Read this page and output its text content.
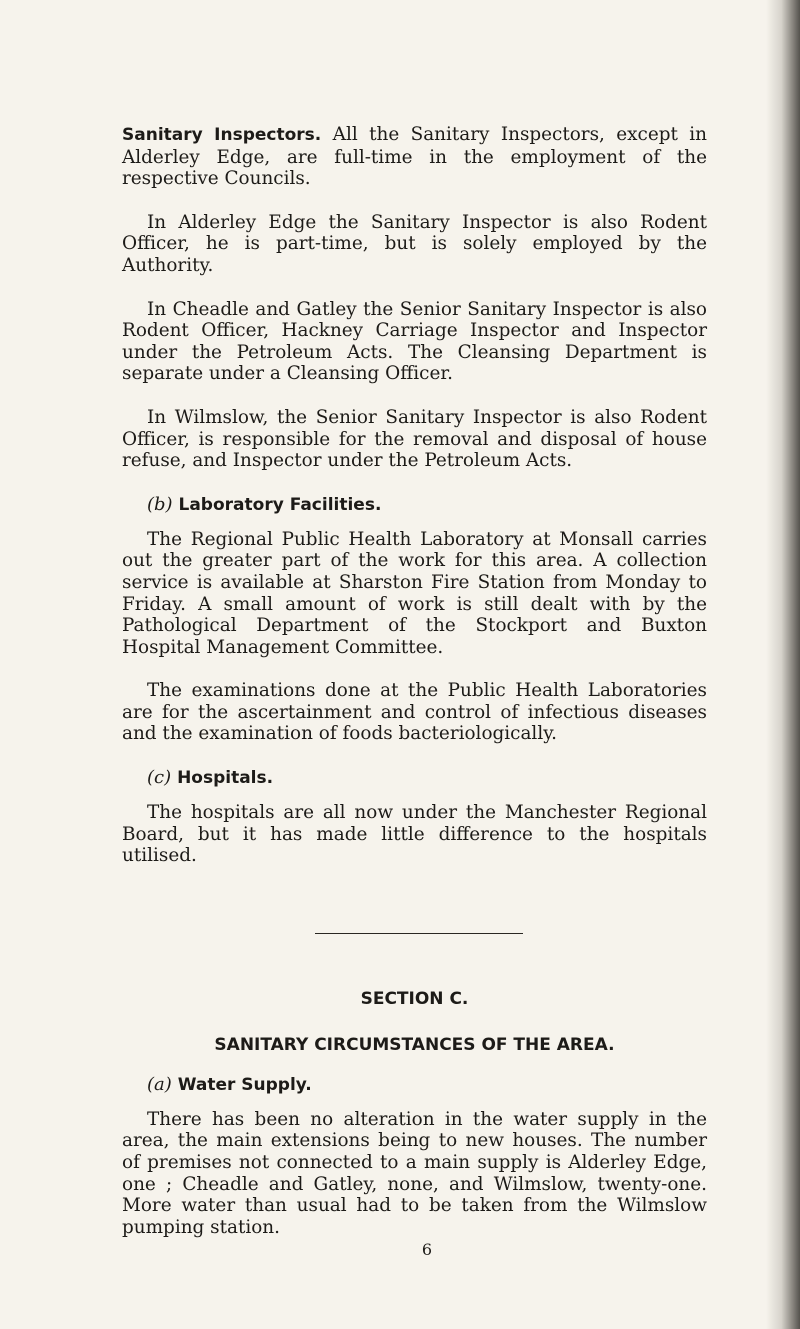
Sanitary Inspectors. All the Sanitary Inspectors, except in Alderley Edge, are full-time in the employment of the respective Councils.

In Alderley Edge the Sanitary Inspector is also Rodent Officer, he is part-time, but is solely employed by the Authority.

In Cheadle and Gatley the Senior Sanitary Inspector is also Rodent Officer, Hackney Carriage Inspector and Inspector under the Petroleum Acts. The Cleansing Department is separate under a Cleansing Officer.

In Wilmslow, the Senior Sanitary Inspector is also Rodent Officer, is responsible for the removal and disposal of house refuse, and Inspector under the Petroleum Acts.

(b) Laboratory Facilities.

The Regional Public Health Laboratory at Monsall carries out the greater part of the work for this area. A collection service is available at Sharston Fire Station from Monday to Friday. A small amount of work is still dealt with by the Pathological Department of the Stockport and Buxton Hospital Management Committee.

The examinations done at the Public Health Laboratories are for the ascertainment and control of infectious diseases and the examination of foods bacteriologically.

(c) Hospitals.

The hospitals are all now under the Manchester Regional Board, but it has made little difference to the hospitals utilised.

SECTION C.
SANITARY CIRCUMSTANCES OF THE AREA.
(a) Water Supply.

There has been no alteration in the water supply in the area, the main extensions being to new houses. The number of premises not connected to a main supply is Alderley Edge, one ; Cheadle and Gatley, none, and Wilmslow, twenty-one. More water than usual had to be taken from the Wilmslow pumping station.

6
